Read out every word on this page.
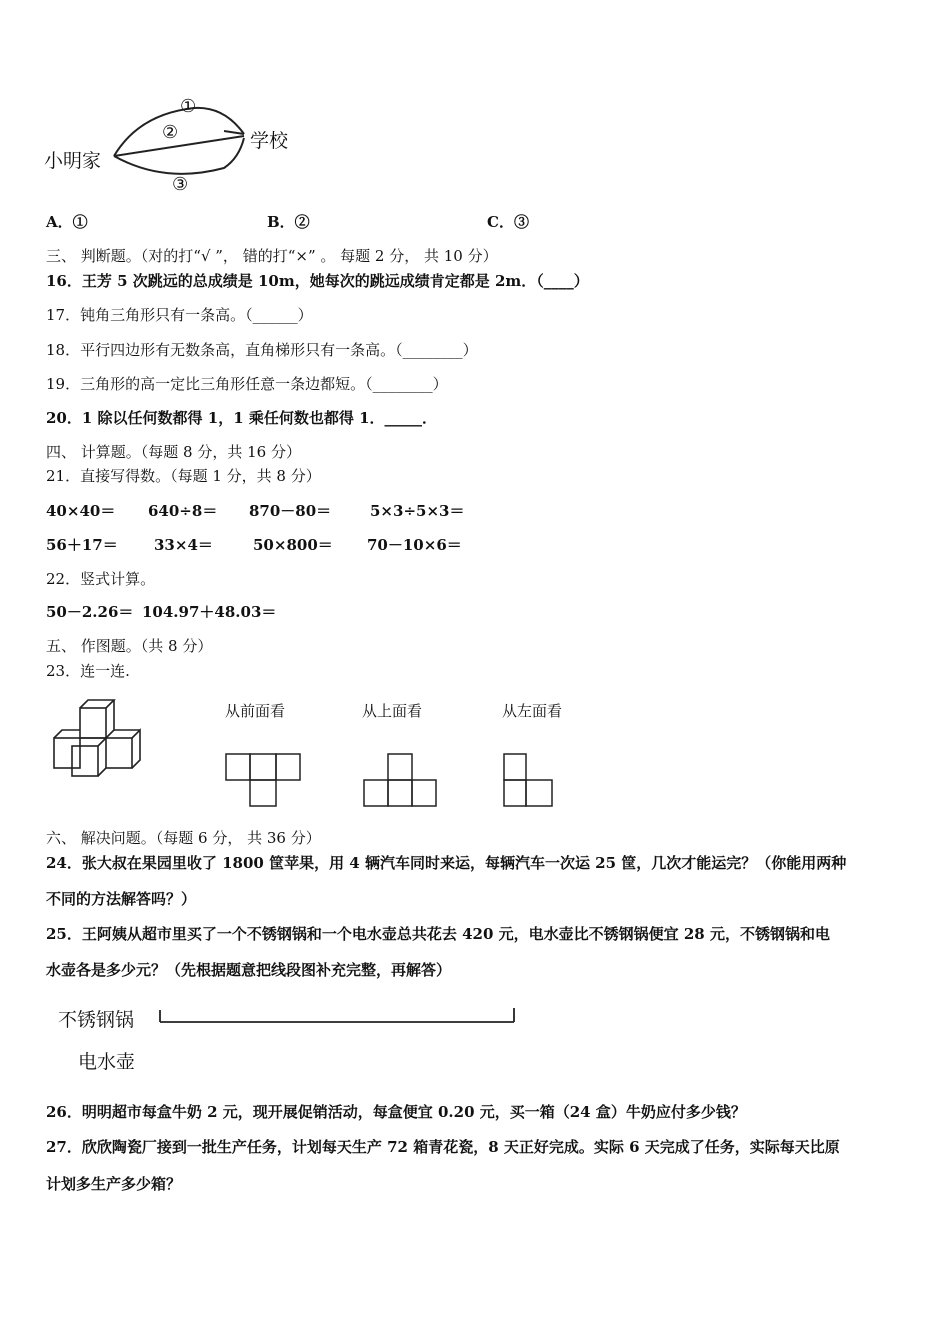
小明家
学校
①
②
③
A．①	B．②	C．③
三、 判断题。（对的打“√ ”， 错的打“×” 。 每题 2 分， 共 10 分）
16．王芳 5 次跳远的总成绩是 10m，她每次的跳远成绩肯定都是 2m．（____）
17．钝角三角形只有一条高。（______）
18．平行四边形有无数条高，直角梯形只有一条高。（________）
19．三角形的高一定比三角形任意一条边都短。（________）
20．1 除以任何数都得 1，1 乘任何数也都得 1．_____．
四、 计算题。（每题 8 分，共 16 分）
21．直接写得数。（每题 1 分，共 8 分）
40×40＝ 640÷8＝ 870－80＝	5×3÷5×3＝
56＋17＝ 33×4＝	50×800＝ 70－10×6＝
22．竖式计算。
50－2.26＝ 104.97＋48.03＝
五、 作图题。（共 8 分）
23．连一连.
从前面看	从上面看	从左面看
六、 解决问题。（每题 6 分， 共 36 分）
24．张大叔在果园里收了 1800 筐苹果，用 4 辆汽车同时来运，每辆汽车一次运 25 筐，几次才能运完？（你能用两种
不同的方法解答吗？）
25．王阿姨从超市里买了一个不锈钢锅和一个电水壶总共花去 420 元，电水壶比不锈钢锅便宜 28 元，不锈钢锅和电
水壶各是多少元？（先根据题意把线段图补充完整，再解答）
不锈钢锅
电水壶
26．明明超市每盒牛奶 2 元，现开展促销活动，每盒便宜 0.20 元，买一箱（24 盒）牛奶应付多少钱？
27．欣欣陶瓷厂接到一批生产任务，计划每天生产 72 箱青花瓷，8 天正好完成。实际 6 天完成了任务，实际每天比原
计划多生产多少箱？
